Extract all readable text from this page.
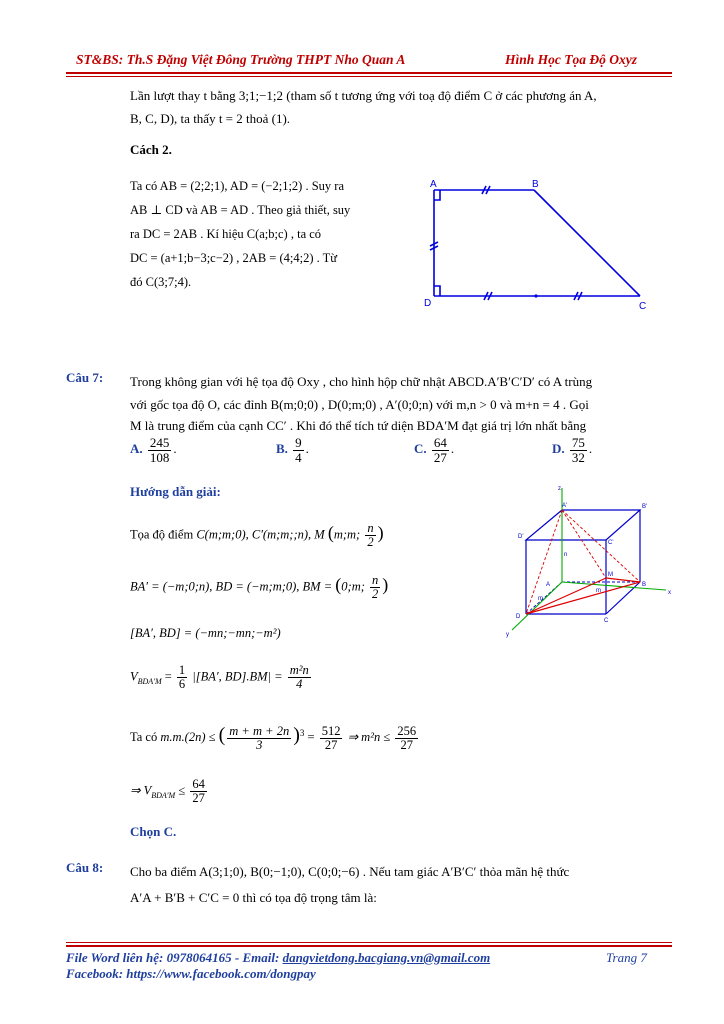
ST&BS: Th.S Đặng Việt Đông Trường THPT Nho Quan A	Hình Học Tọa Độ Oxyz
Lần lượt thay t bằng 3;1;−1;2 (tham số t tương ứng với toạ độ điểm C ở các phương án A,
B, C, D), ta thấy t = 2 thoả (1).
Cách 2.
Ta có AB = (2;2;1), AD = (−2;1;2) . Suy ra
AB ⊥ CD và AB = AD . Theo giả thiết, suy
ra DC = 2AB . Kí hiệu C(a;b;c) , ta có
DC = (a+1;b−3;c−2) , 2AB = (4;4;2) . Từ
đó C(3;7;4).
A	B
C
D
Câu 7: Trong không gian với hệ tọa độ Oxy , cho hình hộp chữ nhật ABCD.A′B′C′D′ có A trùng
với gốc tọa độ O, các đỉnh B(m;0;0) , D(0;m;0) , A′(0;0;n) với m,n > 0 và m+n = 4 . Gọi
M là trung điểm của cạnh CC′ . Khi đó thể tích tứ diện BDA′M đạt giá trị lớn nhất bằng
A. $\frac{245}{108}$ .	B. $\frac{9}{4}$ .	C. $\frac{64}{27}$ .	D. $\frac{75}{32}$ .
Hướng dẫn giải:
Tọa độ điểm C(m;m;0), C′(m;m;;n), M (m;m; $\frac{n}{2}$ )
BA′ = (−m;0;n), BD = (−m;m;0), BM = (0;m; $\frac{n}{2}$ )
[BA′, BD] = (−mn;−mn;−m²)
$V_{BDA'M} = \frac{1}{6} |[BA'$, $BD].BM| = \frac{\text{m²n}}{4}$
Ta có m.m.(2n) ≤ ( $\frac{m + m + 2n}{3} )^3 = \frac{512}{27}$ ⇒ $m^2n \le \frac{256}{27}$
⇒ $V_{BDA'M} \le \frac{64}{27}$
Chọn C.
z
A'	B'
D'
C'
M
n
A
m
m
B
D
C
x
y
Câu 8: Cho ba điểm A(3;1;0), B(0;−1;0), C(0;0;−6) . Nếu tam giác A′B′C′ thỏa mãn hệ thức
A′A + B′B + C′C = 0 thì có tọa độ trọng tâm là:
File Word liên hệ: 0978064165 - Email: dangvietdong.bacgiang.vn@gmail.com	Trang 7
Facebook: https://www.facebook.com/dongpay
